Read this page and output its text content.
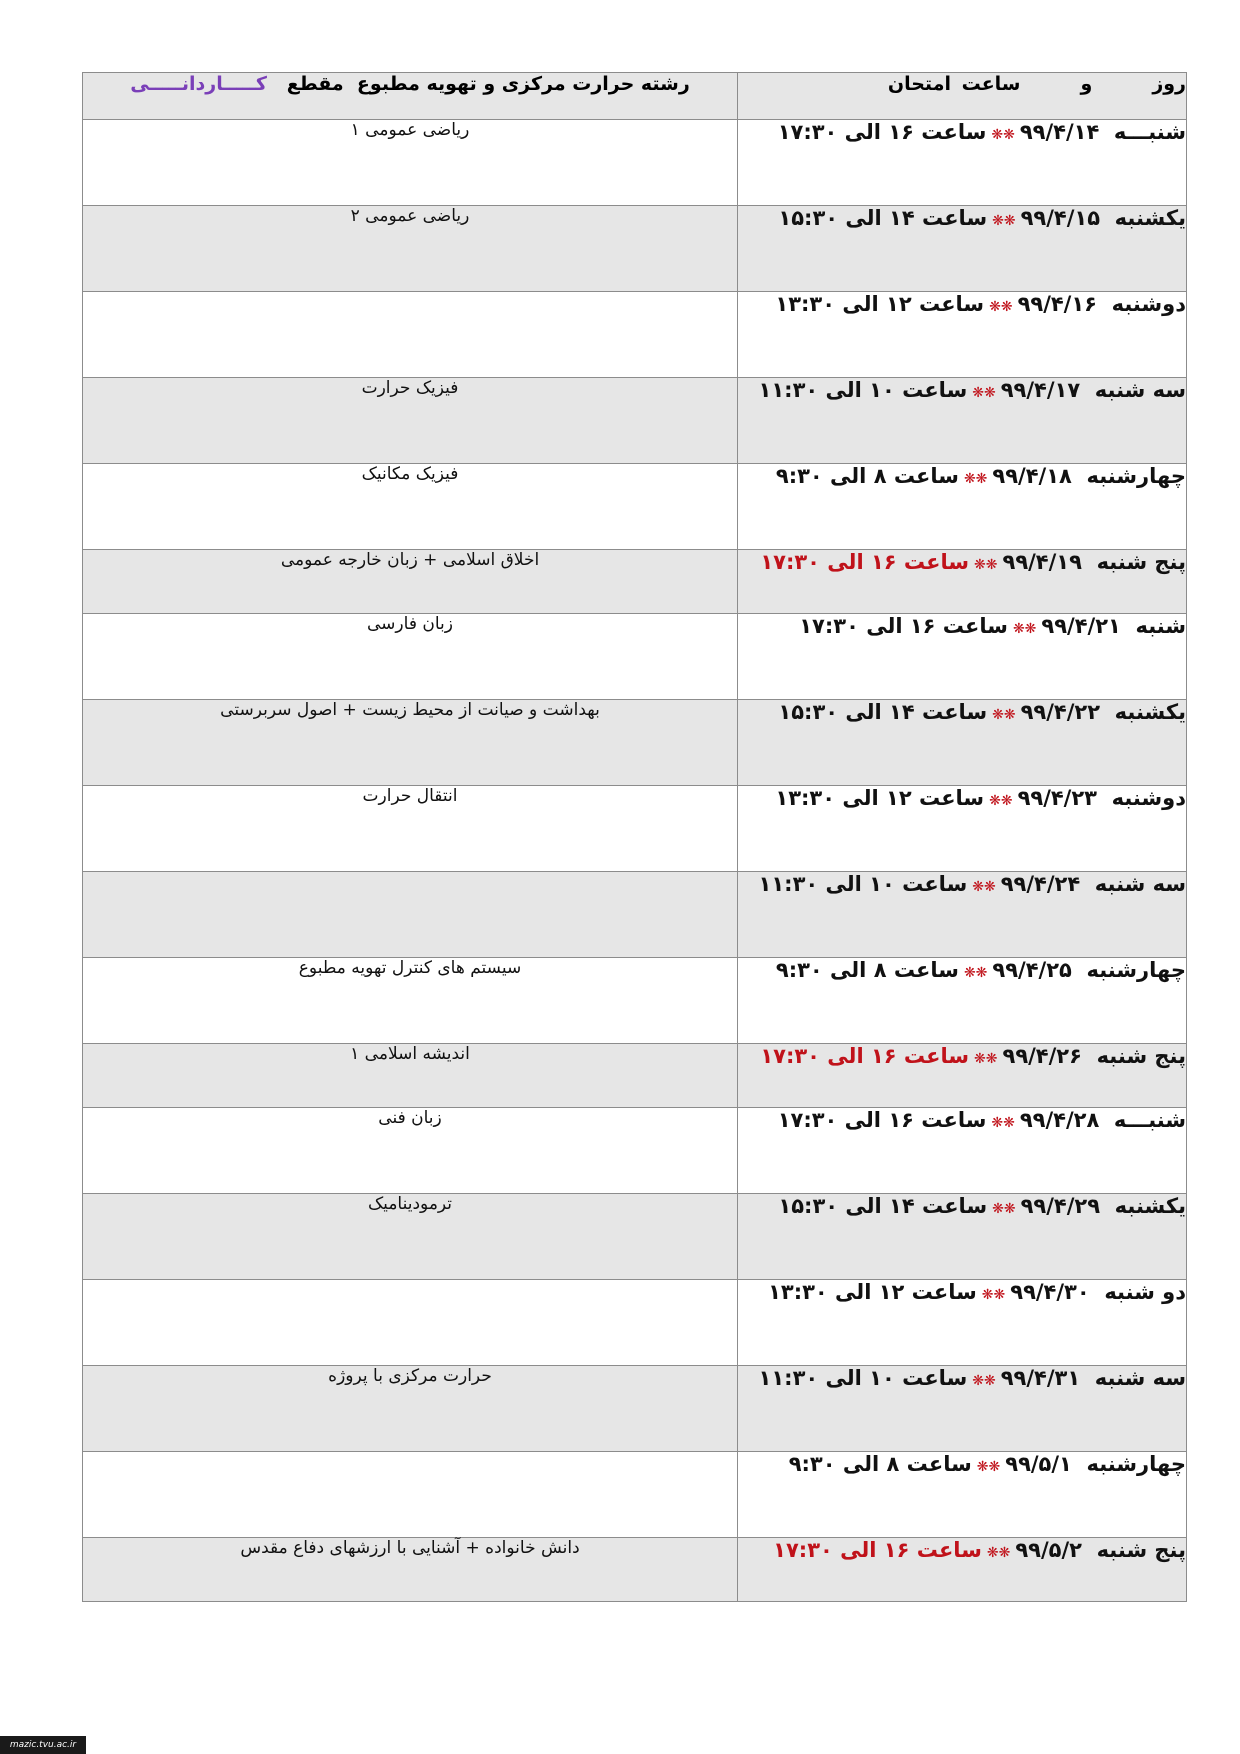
روزوساعت امتحان	رشته حرارت مرکزی و تهویه مطبوع  مقطع   کـــــاردانـــــی
شنبـــه  ۹۹/۴/۱۴❋❋ساعت ۱۶ الی ۱۷:۳۰	ریاضی عمومی ۱
یکشنبه  ۹۹/۴/۱۵❋❋ساعت ۱۴ الی ۱۵:۳۰	ریاضی عمومی ۲
دوشنبه  ۹۹/۴/۱۶❋❋ساعت ۱۲ الی ۱۳:۳۰	
سه شنبه  ۹۹/۴/۱۷❋❋ساعت ۱۰ الی ۱۱:۳۰	فیزیک حرارت
چهارشنبه  ۹۹/۴/۱۸❋❋ساعت ۸ الی ۹:۳۰	فیزیک مکانیک
پنج شنبه  ۹۹/۴/۱۹❋❋ساعت ۱۶ الی ۱۷:۳۰	اخلاق اسلامی + زبان خارجه عمومی
شنبه  ۹۹/۴/۲۱❋❋ساعت ۱۶ الی ۱۷:۳۰	زبان فارسی
یکشنبه  ۹۹/۴/۲۲❋❋ساعت ۱۴ الی ۱۵:۳۰	بهداشت و صیانت از محیط زیست + اصول سربرستی
دوشنبه  ۹۹/۴/۲۳❋❋ساعت ۱۲ الی ۱۳:۳۰	انتقال حرارت
سه شنبه  ۹۹/۴/۲۴❋❋ساعت ۱۰ الی ۱۱:۳۰	
چهارشنبه  ۹۹/۴/۲۵❋❋ساعت ۸ الی ۹:۳۰	سیستم های کنترل تهویه مطبوع
پنج شنبه  ۹۹/۴/۲۶❋❋ساعت ۱۶ الی ۱۷:۳۰	اندیشه اسلامی ۱
شنبـــه  ۹۹/۴/۲۸❋❋ساعت ۱۶ الی ۱۷:۳۰	زبان فنی
یکشنبه  ۹۹/۴/۲۹❋❋ساعت ۱۴ الی ۱۵:۳۰	ترمودینامیک
دو شنبه  ۹۹/۴/۳۰❋❋ساعت ۱۲ الی ۱۳:۳۰	
سه شنبه  ۹۹/۴/۳۱❋❋ساعت ۱۰ الی ۱۱:۳۰	حرارت مرکزی با پروژه
چهارشنبه  ۹۹/۵/۱❋❋ساعت ۸ الی ۹:۳۰	
پنج شنبه  ۹۹/۵/۲❋❋ساعت ۱۶ الی ۱۷:۳۰	دانش خانواده + آشنایی با ارزشهای دفاع مقدس
mazic.tvu.ac.ir
